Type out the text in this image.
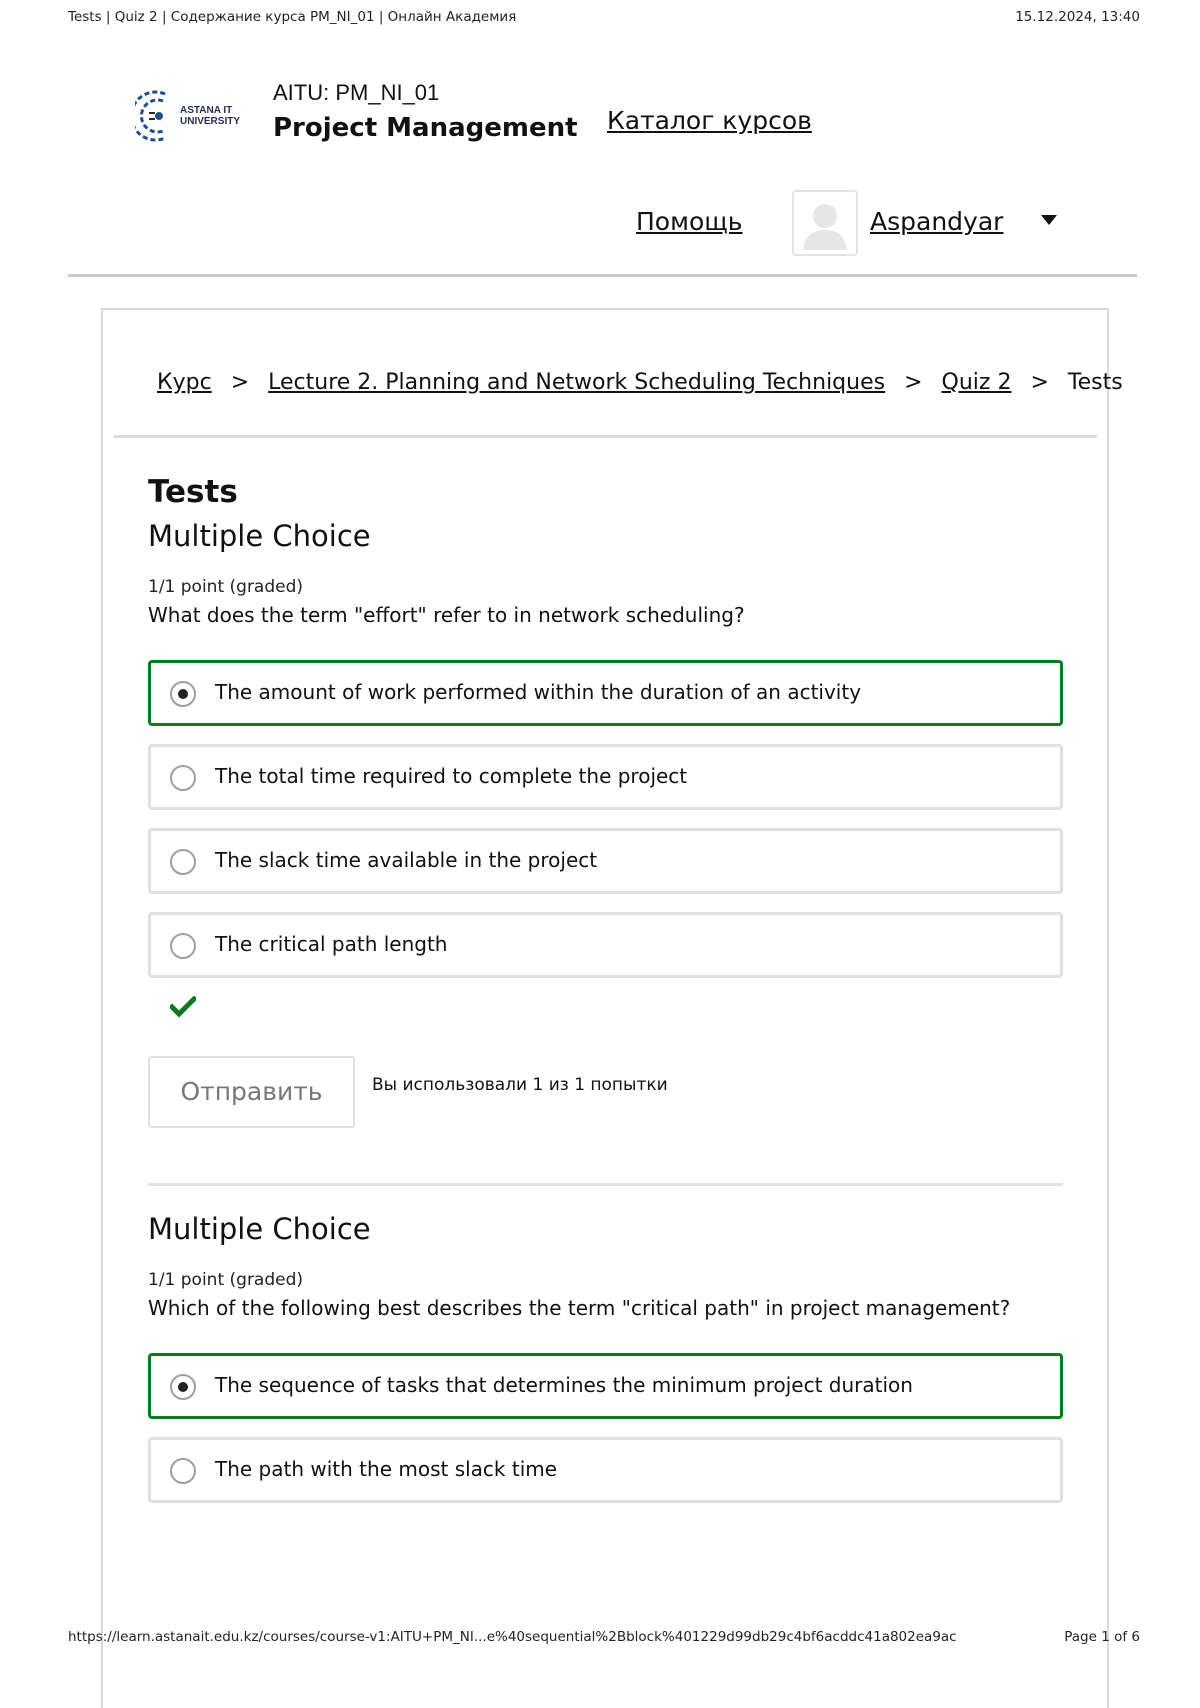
Tests | Quiz 2 | Содержание курса PM_NI_01 | Онлайн Академия	15.12.2024, 13:40
ASTANA IT
UNIVERSITY
AITU: PM_NI_01
Project Management Каталог курсов
Помощь	Aspandyar
Курс > Lecture 2. Planning and Network Scheduling Techniques > Quiz 2 > Tests
Tests
Multiple Choice
1/1 point (graded)
What does the term "effort" refer to in network scheduling?
The amount of work performed within the duration of an activity
The total time required to complete the project
The slack time available in the project
The critical path length
Отправить	Вы использовали 1 из 1 попытки
Multiple Choice
1/1 point (graded)
Which of the following best describes the term "critical path" in project management?
The sequence of tasks that determines the minimum project duration
The path with the most slack time
https://learn.astanait.edu.kz/courses/course-v1:AITU+PM_NI...e%40sequential%2Bblock%401229d99db29c4bf6acddc41a802ea9ac	Page 1 of 6
